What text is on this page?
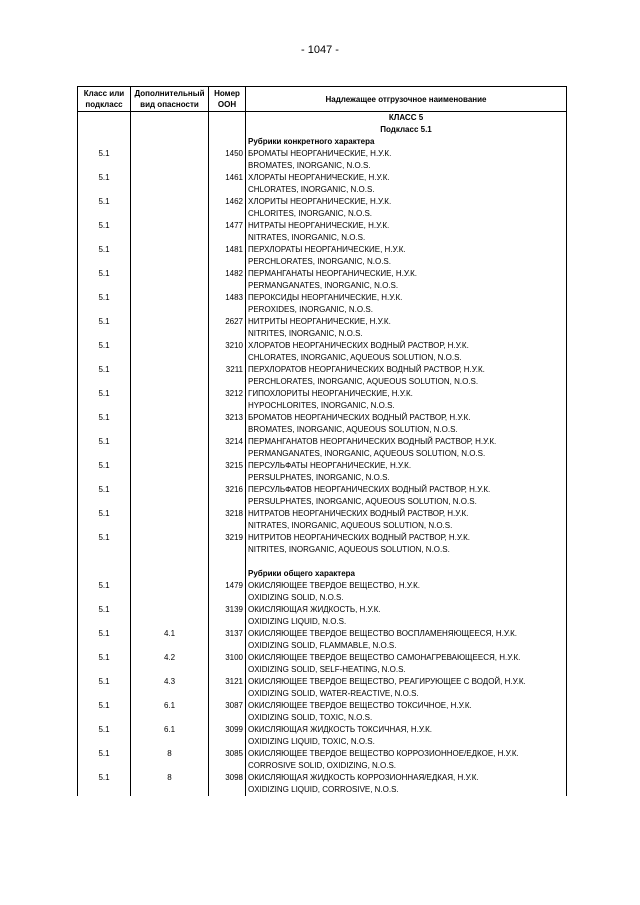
- 1047 -
Класс или подкласс	Дополнительный вид опасности	Номер ООН	Надлежащее отгрузочное наименование

			КЛАСС 5
Подкласс 5.1

			Рубрики конкретного характера
5.1		1450	БРОМАТЫ НЕОРГАНИЧЕСКИЕ, Н.У.К.
BROMATES, INORGANIC, N.O.S.

5.1		1461	ХЛОРАТЫ НЕОРГАНИЧЕСКИЕ, Н.У.К.
CHLORATES, INORGANIC, N.O.S.

5.1		1462	ХЛОРИТЫ НЕОРГАНИЧЕСКИЕ, Н.У.К.
CHLORITES, INORGANIC, N.O.S.

5.1		1477	НИТРАТЫ НЕОРГАНИЧЕСКИЕ, Н.У.К.
NITRATES, INORGANIC, N.O.S.

5.1		1481	ПЕРХЛОРАТЫ НЕОРГАНИЧЕСКИЕ, Н.У.К.
PERCHLORATES, INORGANIC, N.O.S.

5.1		1482	ПЕРМАНГАНАТЫ НЕОРГАНИЧЕСКИЕ, Н.У.К.
PERMANGANATES, INORGANIC, N.O.S.

5.1		1483	ПЕРОКСИДЫ НЕОРГАНИЧЕСКИЕ, Н.У.К.
PEROXIDES, INORGANIC, N.O.S.

5.1		2627	НИТРИТЫ НЕОРГАНИЧЕСКИЕ, Н.У.К.
NITRITES, INORGANIC, N.O.S.

5.1		3210	ХЛОРАТОВ НЕОРГАНИЧЕСКИХ ВОДНЫЙ РАСТВОР, Н.У.К.
CHLORATES, INORGANIC, AQUEOUS SOLUTION, N.O.S.

5.1		3211	ПЕРХЛОРАТОВ НЕОРГАНИЧЕСКИХ ВОДНЫЙ РАСТВОР, Н.У.К.
PERCHLORATES, INORGANIC, AQUEOUS SOLUTION, N.O.S.

5.1		3212	ГИПОХЛОРИТЫ НЕОРГАНИЧЕСКИЕ, Н.У.К.
HYPOCHLORITES, INORGANIC, N.O.S.

5.1		3213	БРОМАТОВ НЕОРГАНИЧЕСКИХ ВОДНЫЙ РАСТВОР, Н.У.К.
BROMATES, INORGANIC, AQUEOUS SOLUTION, N.O.S.

5.1		3214	ПЕРМАНГАНАТОВ НЕОРГАНИЧЕСКИХ ВОДНЫЙ РАСТВОР, Н.У.К.
PERMANGANATES, INORGANIC, AQUEOUS SOLUTION, N.O.S.

5.1		3215	ПЕРСУЛЬФАТЫ НЕОРГАНИЧЕСКИЕ, Н.У.К.
PERSULPHATES, INORGANIC, N.O.S.

5.1		3216	ПЕРСУЛЬФАТОВ НЕОРГАНИЧЕСКИХ ВОДНЫЙ РАСТВОР, Н.У.К.
PERSULPHATES, INORGANIC, AQUEOUS SOLUTION, N.O.S.

5.1		3218	НИТРАТОВ НЕОРГАНИЧЕСКИХ ВОДНЫЙ РАСТВОР, Н.У.К.
NITRATES, INORGANIC, AQUEOUS SOLUTION, N.O.S.

5.1		3219	НИТРИТОВ НЕОРГАНИЧЕСКИХ ВОДНЫЙ РАСТВОР, Н.У.К.
NITRITES, INORGANIC, AQUEOUS SOLUTION, N.O.S.

			Рубрики общего характера
5.1		1479	ОКИСЛЯЮЩЕЕ ТВЕРДОЕ ВЕЩЕСТВО, Н.У.К.
OXIDIZING SOLID, N.O.S.

5.1		3139	ОКИСЛЯЮЩАЯ ЖИДКОСТЬ, Н.У.К.
OXIDIZING LIQUID, N.O.S.

5.1	4.1	3137	ОКИСЛЯЮЩЕЕ ТВЕРДОЕ ВЕЩЕСТВО ВОСПЛАМЕНЯЮЩЕЕСЯ, Н.У.К.
OXIDIZING SOLID, FLAMMABLE, N.O.S.

5.1	4.2	3100	ОКИСЛЯЮЩЕЕ ТВЕРДОЕ ВЕЩЕСТВО САМОНАГРЕВАЮЩЕЕСЯ, Н.У.К.
OXIDIZING SOLID, SELF-HEATING, N.O.S.

5.1	4.3	3121	ОКИСЛЯЮЩЕЕ ТВЕРДОЕ ВЕЩЕСТВО, РЕАГИРУЮЩЕЕ С ВОДОЙ, Н.У.К.
OXIDIZING SOLID, WATER-REACTIVE, N.O.S.

5.1	6.1	3087	ОКИСЛЯЮЩЕЕ ТВЕРДОЕ ВЕЩЕСТВО ТОКСИЧНОЕ, Н.У.К.
OXIDIZING SOLID, TOXIC, N.O.S.

5.1	6.1	3099	ОКИСЛЯЮЩАЯ ЖИДКОСТЬ ТОКСИЧНАЯ, Н.У.К.
OXIDIZING LIQUID, TOXIC, N.O.S.

5.1	8	3085	ОКИСЛЯЮЩЕЕ ТВЕРДОЕ ВЕЩЕСТВО КОРРОЗИОННОЕ/ЕДКОЕ, Н.У.К.
CORROSIVE SOLID, OXIDIZING, N.O.S.

5.1	8	3098	ОКИСЛЯЮЩАЯ ЖИДКОСТЬ КОРРОЗИОННАЯ/ЕДКАЯ, Н.У.К.
OXIDIZING LIQUID, CORROSIVE, N.O.S.
